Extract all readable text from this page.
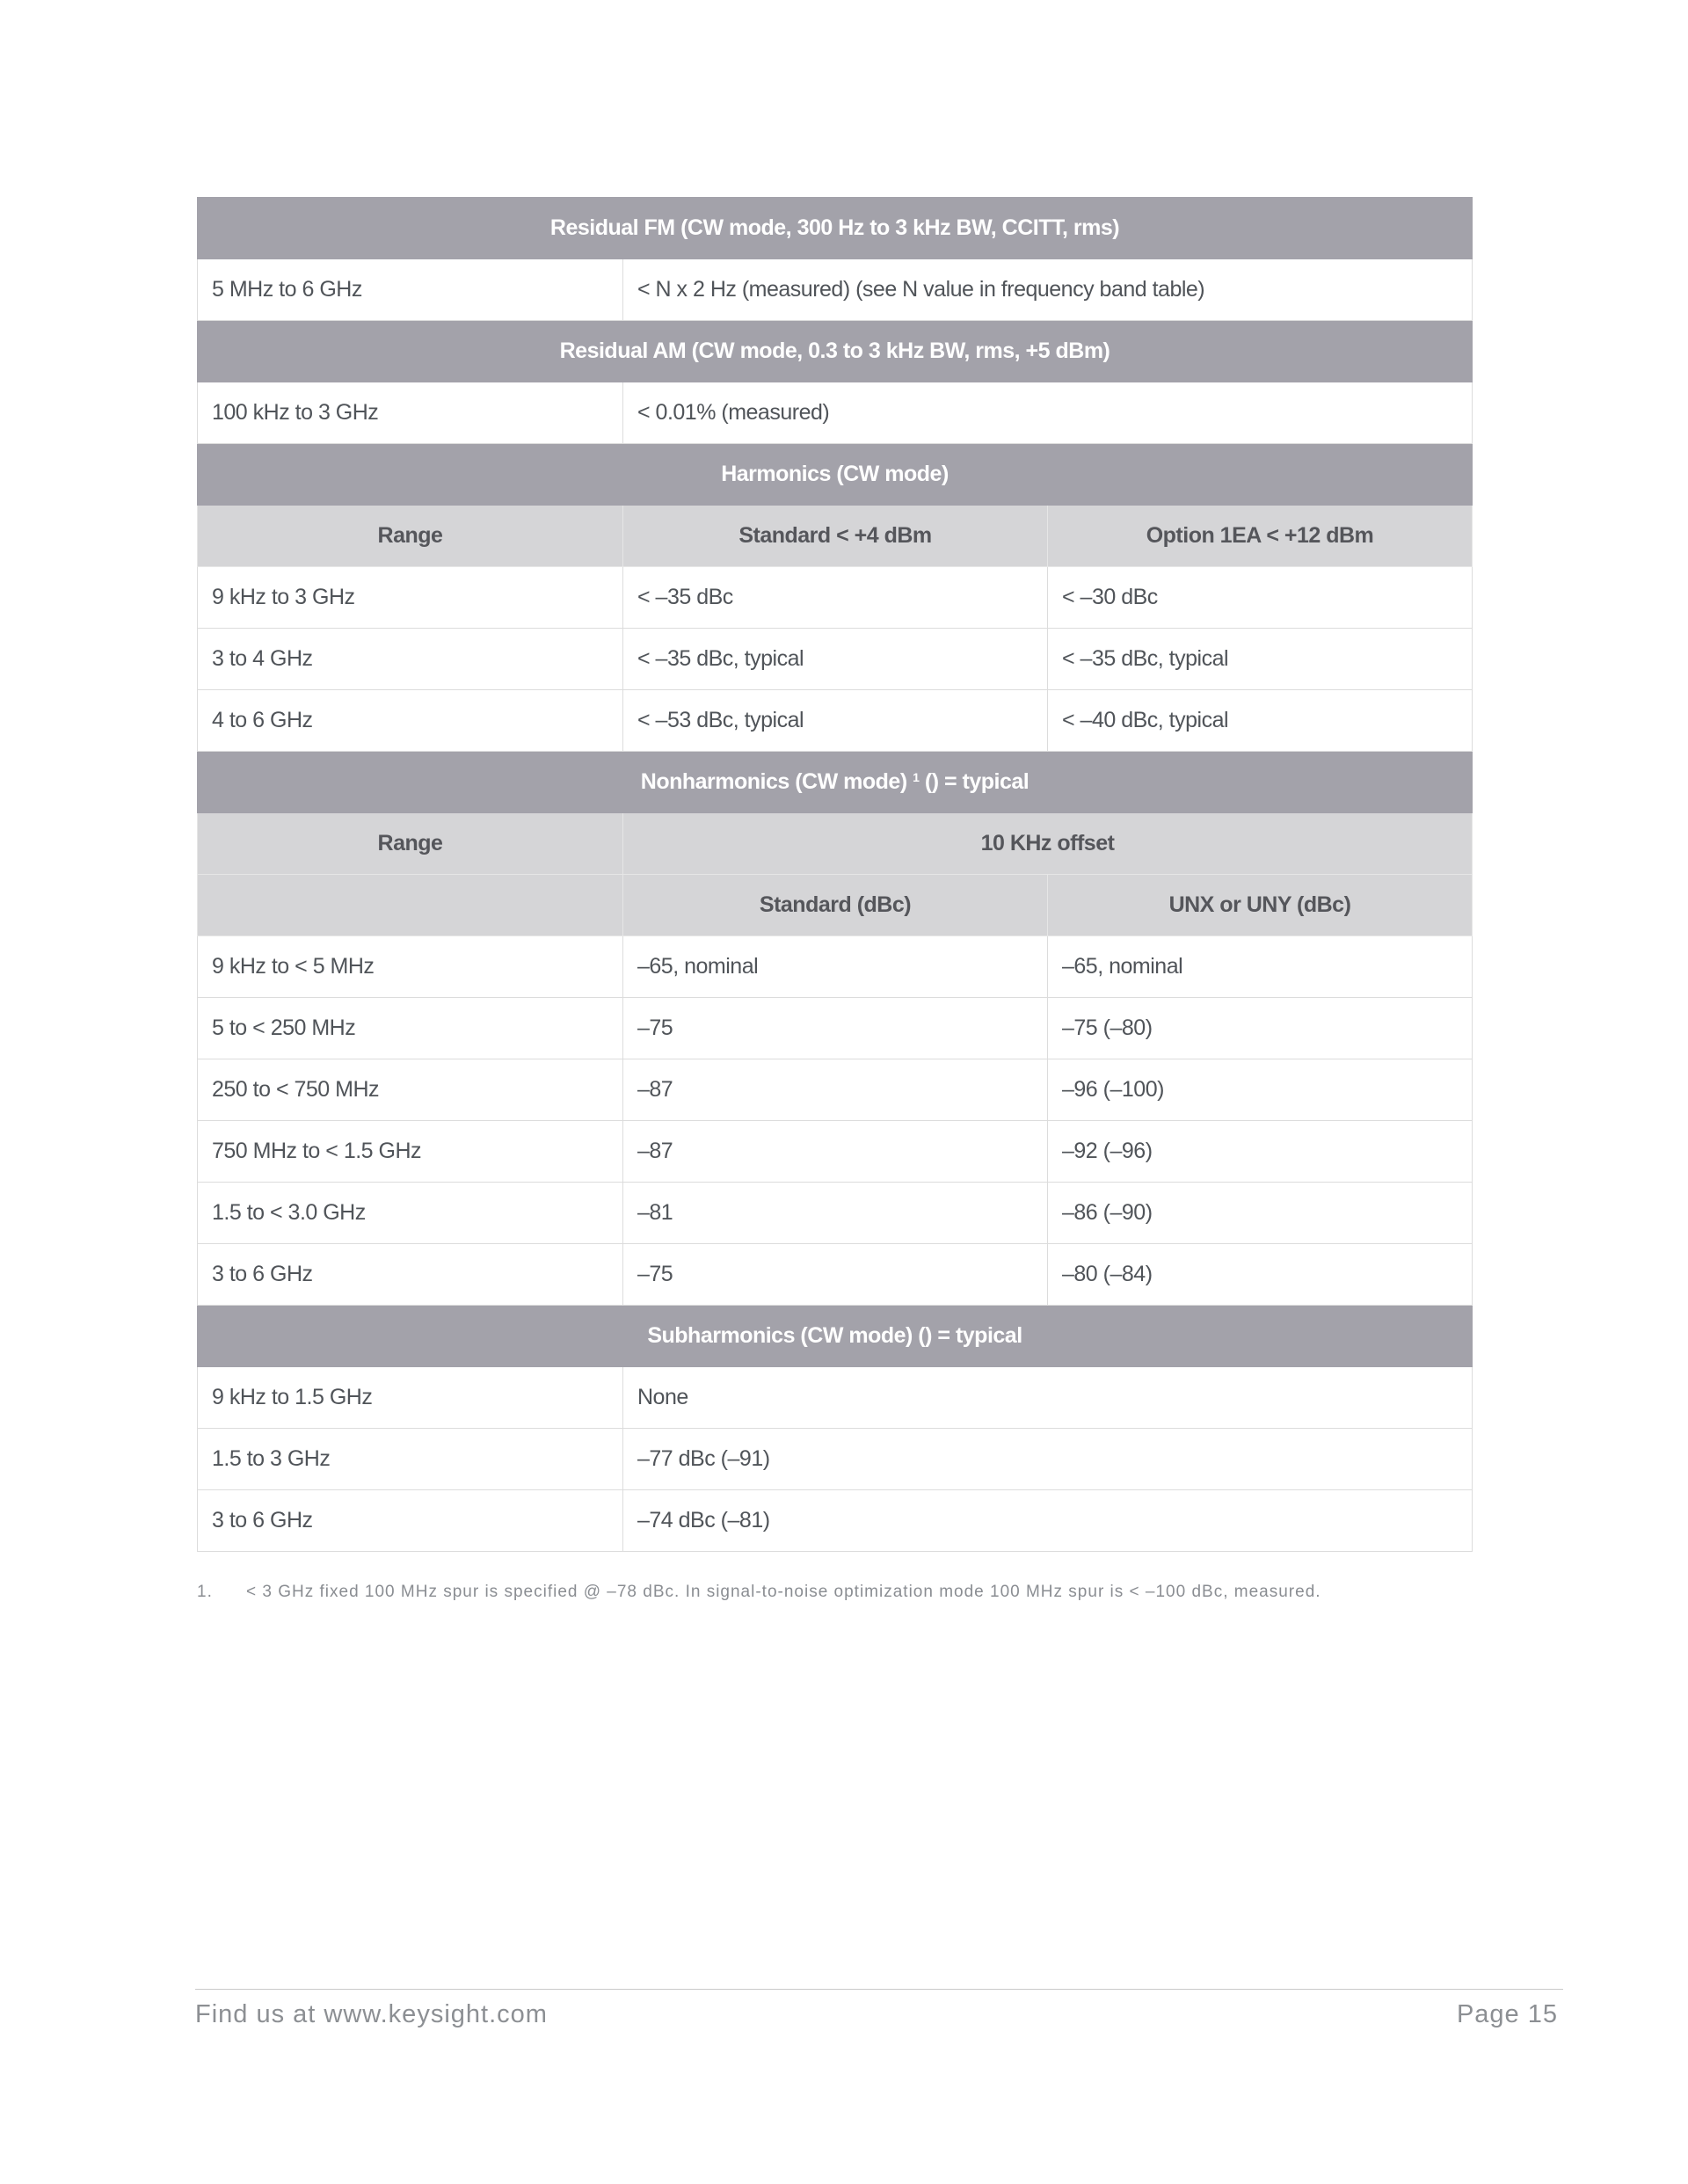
Residual FM (CW mode, 300 Hz to 3 kHz BW, CCITT, rms)		
5 MHz to 6 GHz	< N x 2 Hz (measured) (see N value in frequency band table)	
Residual AM (CW mode, 0.3 to 3 kHz BW, rms, +5 dBm)		
100 kHz to 3 GHz	< 0.01% (measured)	
Harmonics (CW mode)		
Range	Standard < +4 dBm	Option 1EA < +12 dBm
9 kHz to 3 GHz	< –35 dBc	< –30 dBc
3 to 4 GHz	< –35 dBc, typical	< –35 dBc, typical
4 to 6 GHz	< –53 dBc, typical	< –40 dBc, typical
Nonharmonics (CW mode) $^1$ () = typical		
Range	10 KHz offset	
	Standard (dBc)	UNX or UNY (dBc)
9 kHz to < 5 MHz	–65, nominal	–65, nominal
5 to < 250 MHz	–75	–75 (–80)
250 to < 750 MHz	–87	–96 (–100)
750 MHz to < 1.5 GHz	–87	–92 (–96)
1.5 to < 3.0 GHz	–81	–86 (–90)
3 to 6 GHz	–75	–80 (–84)
Subharmonics (CW mode) () = typical		
9 kHz to 1.5 GHz	None	
1.5 to 3 GHz	–77 dBc (–91)	
3 to 6 GHz	–74 dBc (–81)	
1. < 3 GHz fixed 100 MHz spur is specified @ –78 dBc. In signal-to-noise optimization mode 100 MHz spur is < –100 dBc, measured.
Find us at www.keysight.com	Page 15
